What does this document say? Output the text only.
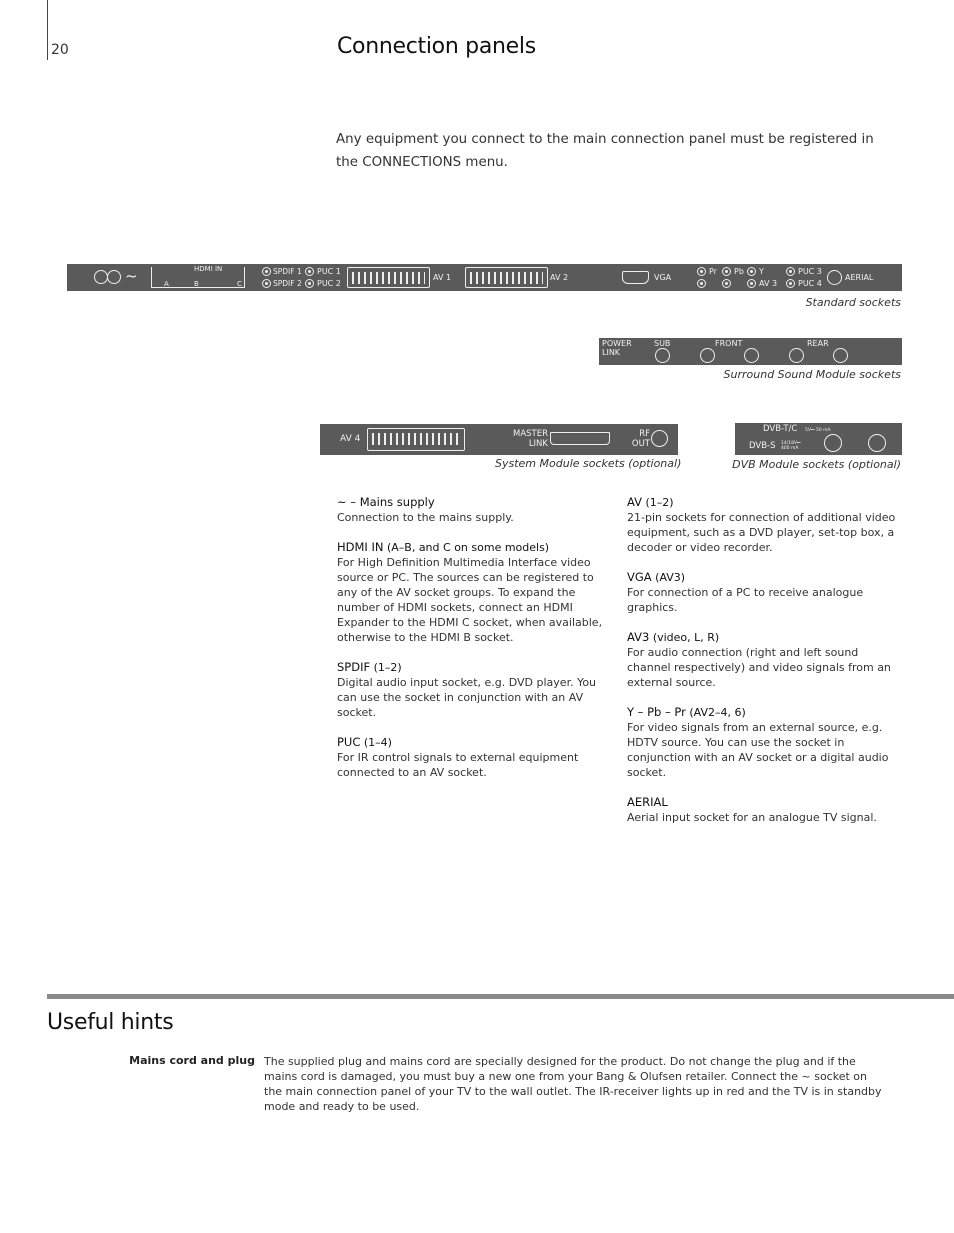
20	Connection panels

Any equipment you connect to the main connection panel must be registered in the CONNECTIONS menu.

~	HDMI IN
A	B	C
SPDIF 1
SPDIF 2
PUC 1
PUC 2
AV 1	AV 2	VGA
Pr Pb Y
AV 3
PUC 3
PUC 4
AERIAL
Standard sockets
POWER LINK
SUB	FRONT	REAR
Surround Sound Module sockets
AV 4	MASTER LINK
RF OUT
System Module sockets (optional)
DVB-T/C 5V⎓ 50 mA
DVB-S 14/18V⎓ 400 mA
DVB Module sockets (optional)
~ – Mains supply
Connection to the mains supply.
HDMI IN (A–B, and C on some models)
For High Definition Multimedia Interface video source or PC. The sources can be registered to any of the AV socket groups. To expand the number of HDMI sockets, connect an HDMI Expander to the HDMI C socket, when available, otherwise to the HDMI B socket.
SPDIF (1–2)
Digital audio input socket, e.g. DVD player. You can use the socket in conjunction with an AV socket.
PUC (1–4)
For IR control signals to external equipment connected to an AV socket.
AV (1–2)
21-pin sockets for connection of additional video equipment, such as a DVD player, set-top box, a decoder or video recorder.
VGA (AV3)
For connection of a PC to receive analogue graphics.
AV3 (video, L, R)
For audio connection (right and left sound channel respectively) and video signals from an external source.
Y – Pb – Pr (AV2–4, 6)
For video signals from an external source, e.g. HDTV source. You can use the socket in conjunction with an AV socket or a digital audio socket.
AERIAL
Aerial input socket for an analogue TV signal.
Useful hints
Mains cord and plug The supplied plug and mains cord are specially designed for the product. Do not change the plug and if the mains cord is damaged, you must buy a new one from your Bang & Olufsen retailer. Connect the ~ socket on the main connection panel of your TV to the wall outlet. The IR-receiver lights up in red and the TV is in standby mode and ready to be used.
